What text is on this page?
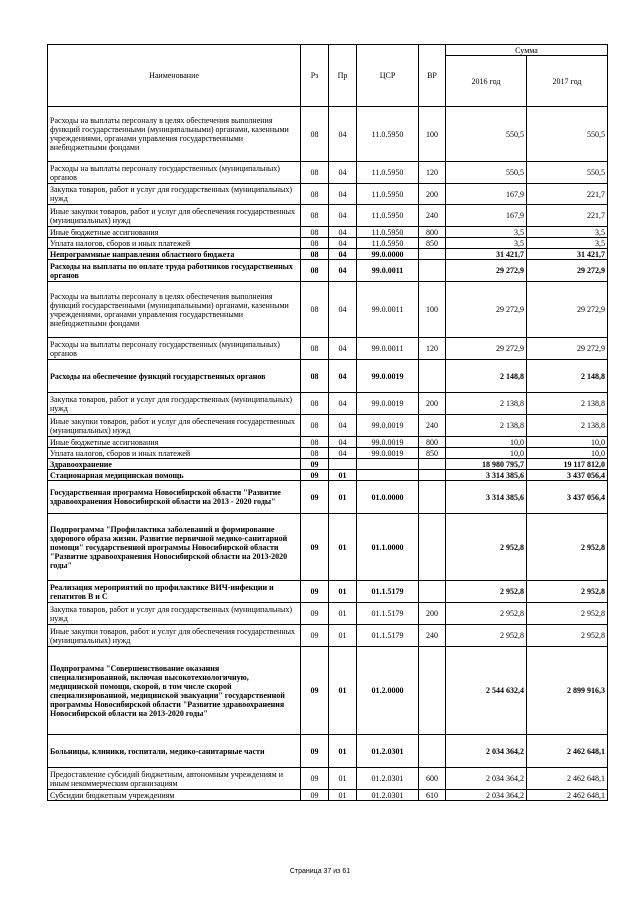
Наименование	Рз	Пр	ЦСР	ВР	Сумма	
					2016 год	2017 год
Расходы на выплаты персоналу в целях обеспечения выполнения функций государственными (муниципальными) органами, казенными учреждениями, органами управления государственными внебюджетными фондами	08	04	11.0.5950	100	550,5	550,5
Расходы на выплаты персоналу государственных (муниципальных) органов	08	04	11.0.5950	120	550,5	550,5
Закупка товаров, работ и услуг для государственных (муниципальных) нужд	08	04	11.0.5950	200	167,9	221,7
Иные закупки товаров, работ и услуг для обеспечения государственных (муниципальных) нужд	08	04	11.0.5950	240	167,9	221,7
Иные бюджетные ассигнования	08	04	11.0.5950	800	3,5	3,5
Уплата налогов, сборов и иных платежей	08	04	11.0.5950	850	3,5	3,5
Непрограммные направления областного бюджета	08	04	99.0.0000		31 421,7	31 421,7
Расходы на выплаты по оплате труда работников государственных органов	08	04	99.0.0011		29 272,9	29 272,9
Расходы на выплаты персоналу в целях обеспечения выполнения функций государственными (муниципальными) органами, казенными учреждениями, органами управления государственными внебюджетными фондами	08	04	99.0.0011	100	29 272,9	29 272,9
Расходы на выплаты персоналу государственных (муниципальных) органов	08	04	99.0.0011	120	29 272,9	29 272,9
Расходы на обеспечение функций государственных органов	08	04	99.0.0019		2 148,8	2 148,8
Закупка товаров, работ и услуг для государственных (муниципальных) нужд	08	04	99.0.0019	200	2 138,8	2 138,8
Иные закупки товаров, работ и услуг для обеспечения государственных (муниципальных) нужд	08	04	99.0.0019	240	2 138,8	2 138,8
Иные бюджетные ассигнования	08	04	99.0.0019	800	10,0	10,0
Уплата налогов, сборов и иных платежей	08	04	99.0.0019	850	10,0	10,0
Здравоохранение	09				18 980 795,7	19 117 812,0
Стационарная медицинская помощь	09	01			3 314 385,6	3 437 056,4
Государственная программа Новосибирской области "Развитие здравоохранения Новосибирской области на 2013 - 2020 годы"	09	01	01.0.0000		3 314 385,6	3 437 056,4
Подпрограмма "Профилактика заболеваний и формирование здорового образа жизни. Развитие первичной медико-санитарной помощи" государственной программы Новосибирской области "Развитие здравоохранения Новосибирской области на 2013-2020 годы"	09	01	01.1.0000		2 952,8	2 952,8
Реализация мероприятий по профилактике ВИЧ-инфекции и гепатитов В и С	09	01	01.1.5179		2 952,8	2 952,8
Закупка товаров, работ и услуг для государственных (муниципальных) нужд	09	01	01.1.5179	200	2 952,8	2 952,8
Иные закупки товаров, работ и услуг для обеспечения государственных (муниципальных) нужд	09	01	01.1.5179	240	2 952,8	2 952,8
Подпрограмма "Совершенствование оказания специализированной, включая высокотехнологичную, медицинской помощи, скорой, в том числе скорой специализированной, медицинской эвакуации" государственной программы Новосибирской области "Развитие здравоохранения Новосибирской области на 2013-2020 годы"	09	01	01.2.0000		2 544 632,4	2 899 916,3
Больницы, клиники, госпитали, медико-санитарные части	09	01	01.2.0301		2 034 364,2	2 462 648,1
Предоставление субсидий бюджетным, автономным учреждениям и иным некоммерческим организациям	09	01	01.2.0301	600	2 034 364,2	2 462 648,1
Субсидии бюджетным учреждениям	09	01	01.2.0301	610	2 034 364,2	2 462 648,1
Страница 37 из 61
